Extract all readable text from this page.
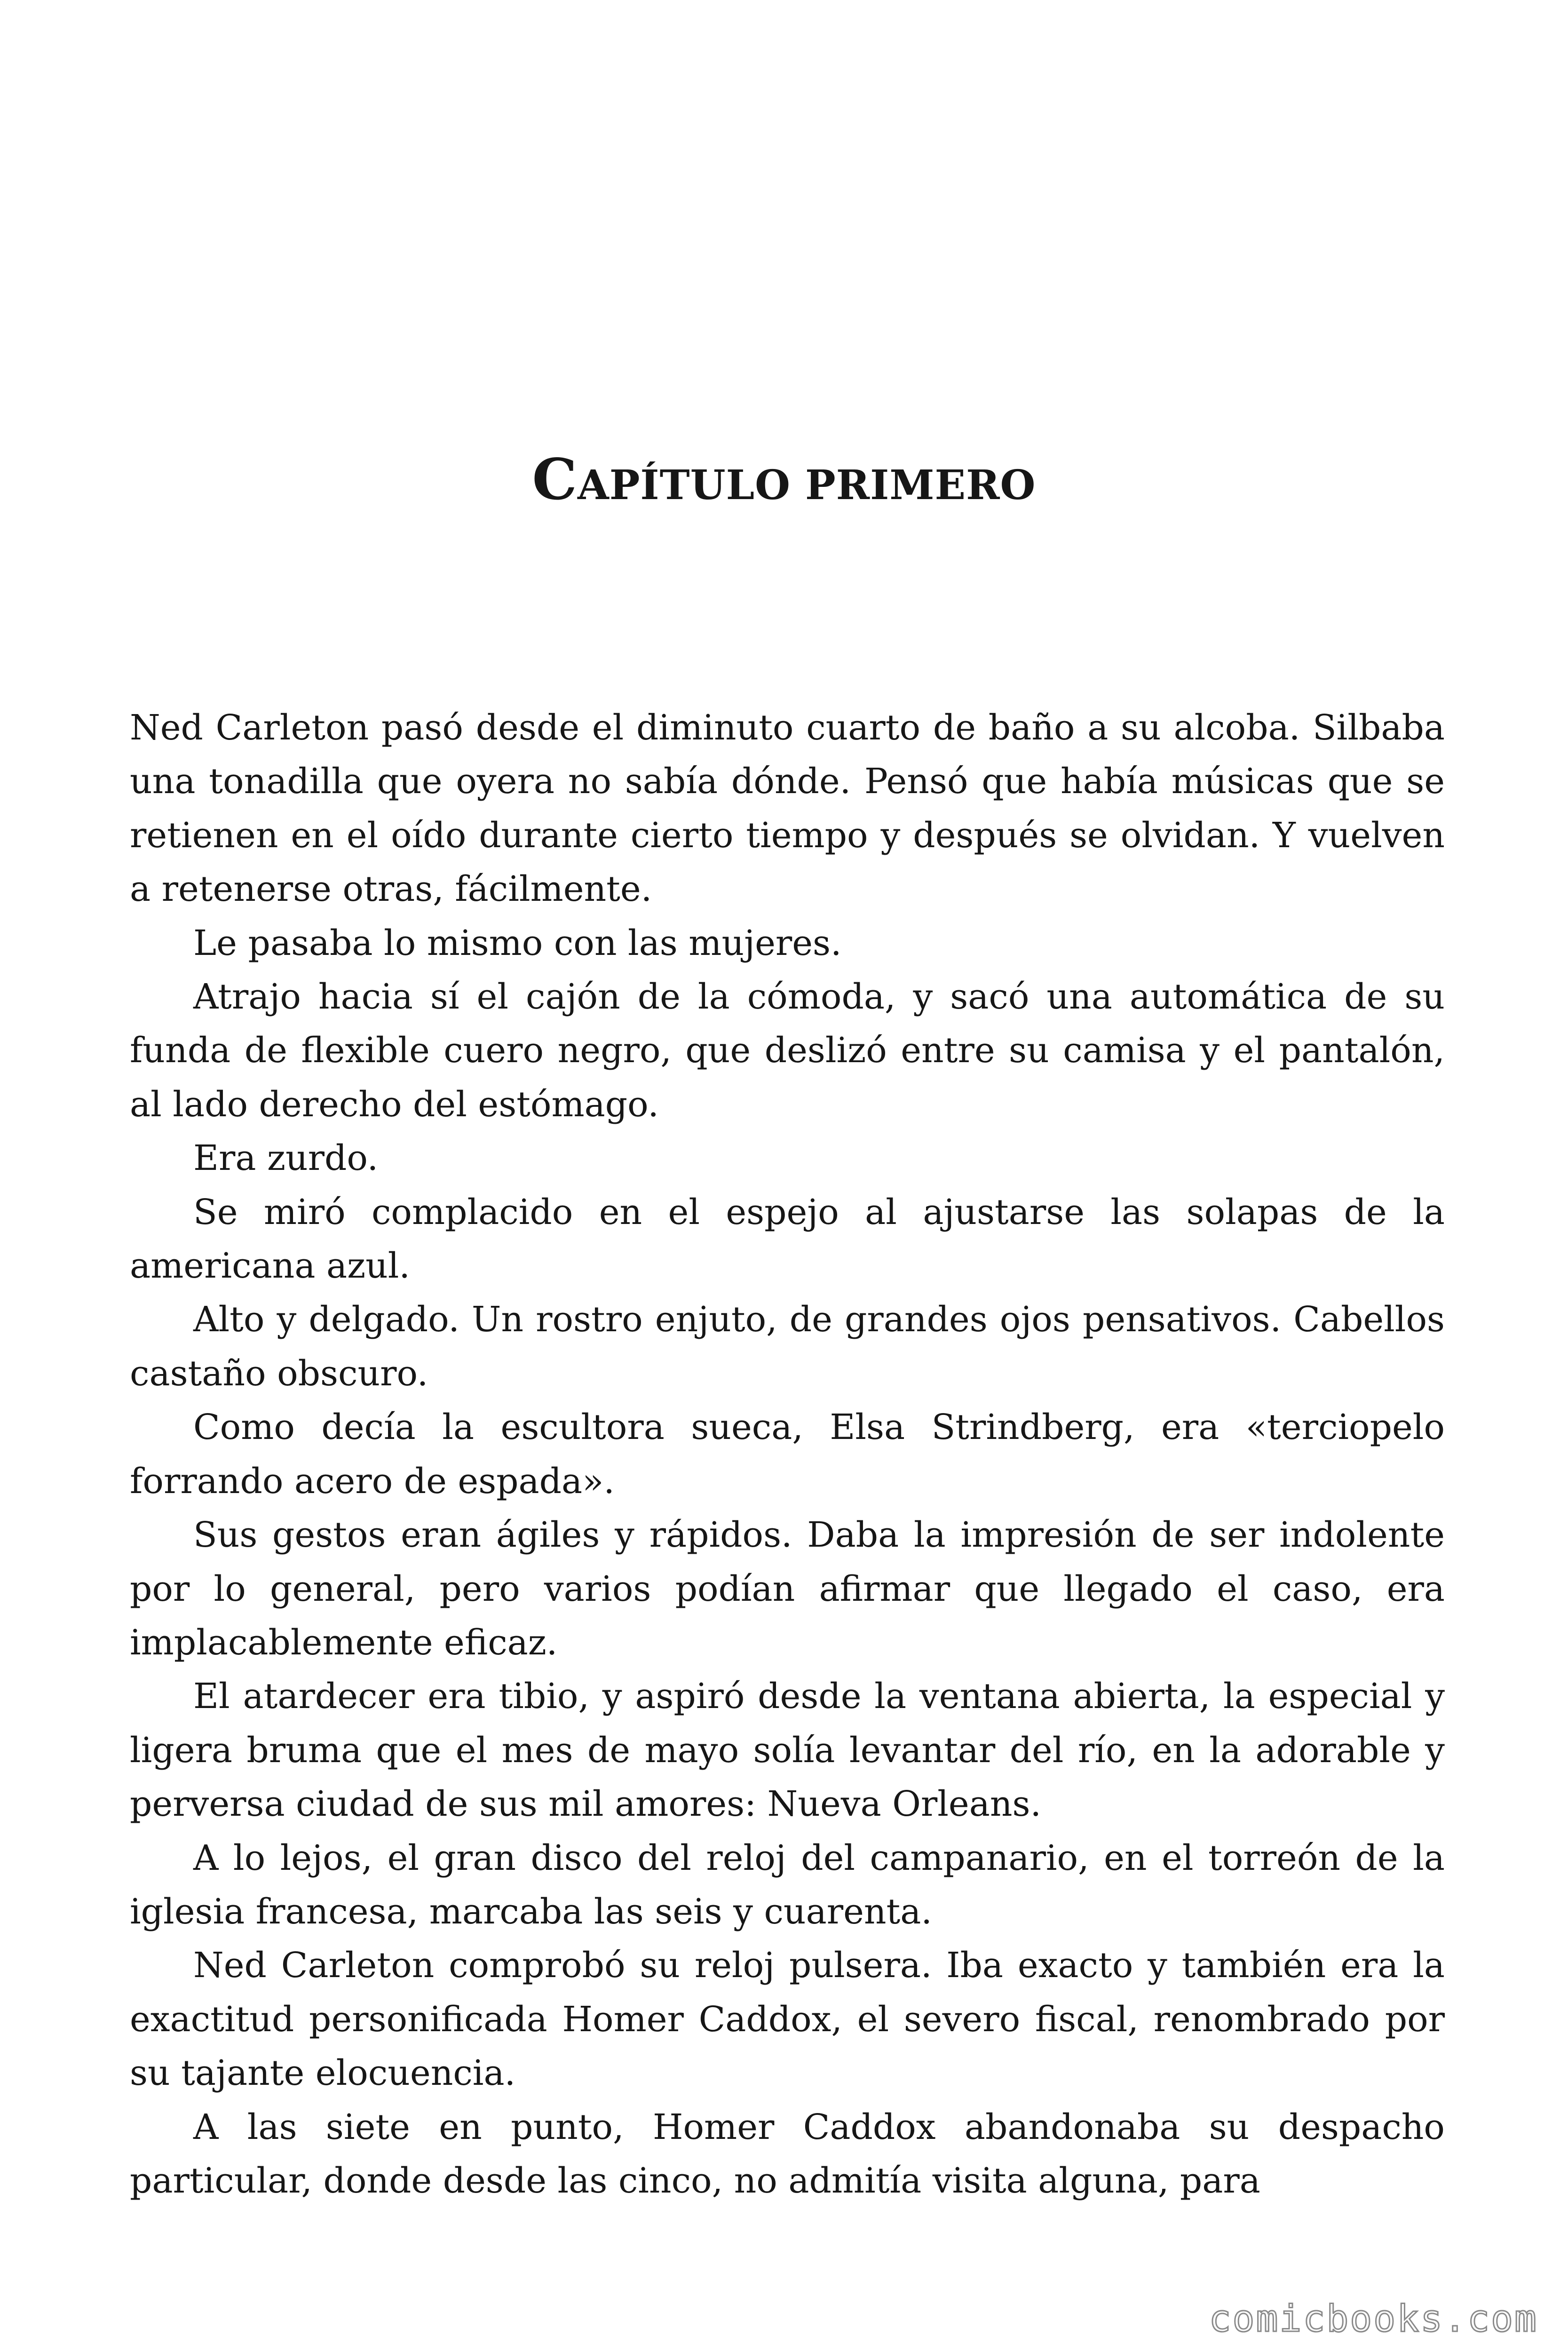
CAPÍTULO PRIMERO

Ned Carleton pasó desde el diminuto cuarto de baño a su alcoba. Silbaba una tonadilla que oyera no sabía dónde. Pensó que había músicas que se retienen en el oído durante cierto tiempo y después se olvidan. Y vuelven a retenerse otras, fácilmente.

Le pasaba lo mismo con las mujeres.

Atrajo hacia sí el cajón de la cómoda, y sacó una automática de su funda de flexible cuero negro, que deslizó entre su camisa y el pantalón, al lado derecho del estómago.

Era zurdo.

Se miró complacido en el espejo al ajustarse las solapas de la americana azul.

Alto y delgado. Un rostro enjuto, de grandes ojos pensativos. Cabellos castaño obscuro.

Como decía la escultora sueca, Elsa Strindberg, era «terciopelo forrando acero de espada».

Sus gestos eran ágiles y rápidos. Daba la impresión de ser indolente por lo general, pero varios podían afirmar que llegado el caso, era implacablemente eficaz.

El atardecer era tibio, y aspiró desde la ventana abierta, la especial y ligera bruma que el mes de mayo solía levantar del río, en la adorable y perversa ciudad de sus mil amores: Nueva Orleans.

A lo lejos, el gran disco del reloj del campanario, en el torreón de la iglesia francesa, marcaba las seis y cuarenta.

Ned Carleton comprobó su reloj pulsera. Iba exacto y también era la exactitud personificada Homer Caddox, el severo fiscal, renombrado por su tajante elocuencia.

A las siete en punto, Homer Caddox abandonaba su despacho particular, donde desde las cinco, no admitía visita alguna, para

comicbooks.com
